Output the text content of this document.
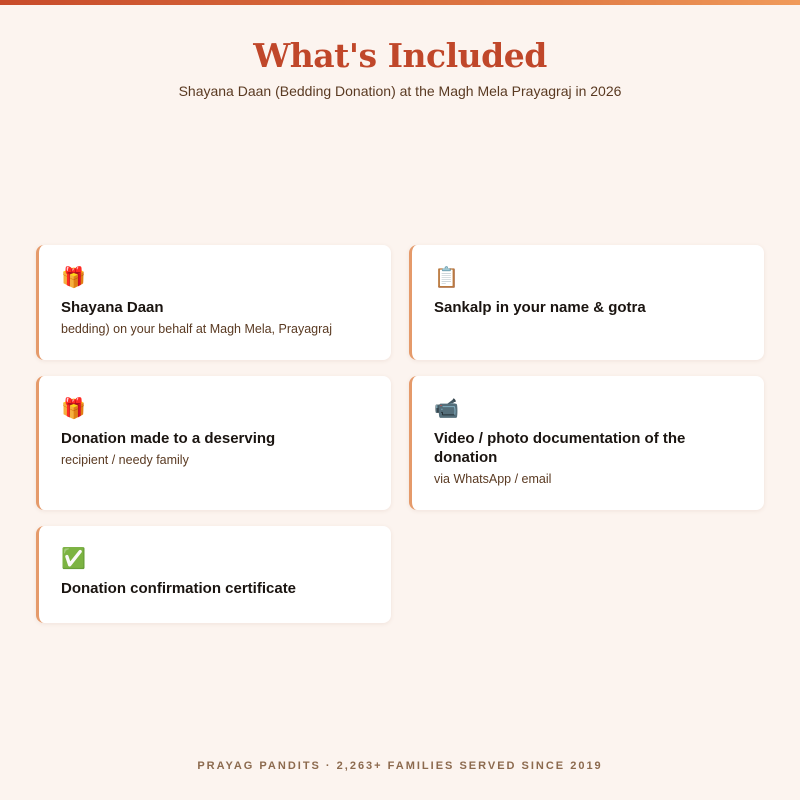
What's Included

Shayana Daan (Bedding Donation) at the Magh Mela Prayagraj in 2026

🎁
Shayana Daan
bedding) on your behalf at Magh Mela, Prayagraj
📋
Sankalp in your name & gotra
🎁
Donation made to a deserving
recipient / needy family
📹
Video / photo documentation of the donation
via WhatsApp / email
✅
Donation confirmation certificate
PRAYAG PANDITS · 2,263+ FAMILIES SERVED SINCE 2019
